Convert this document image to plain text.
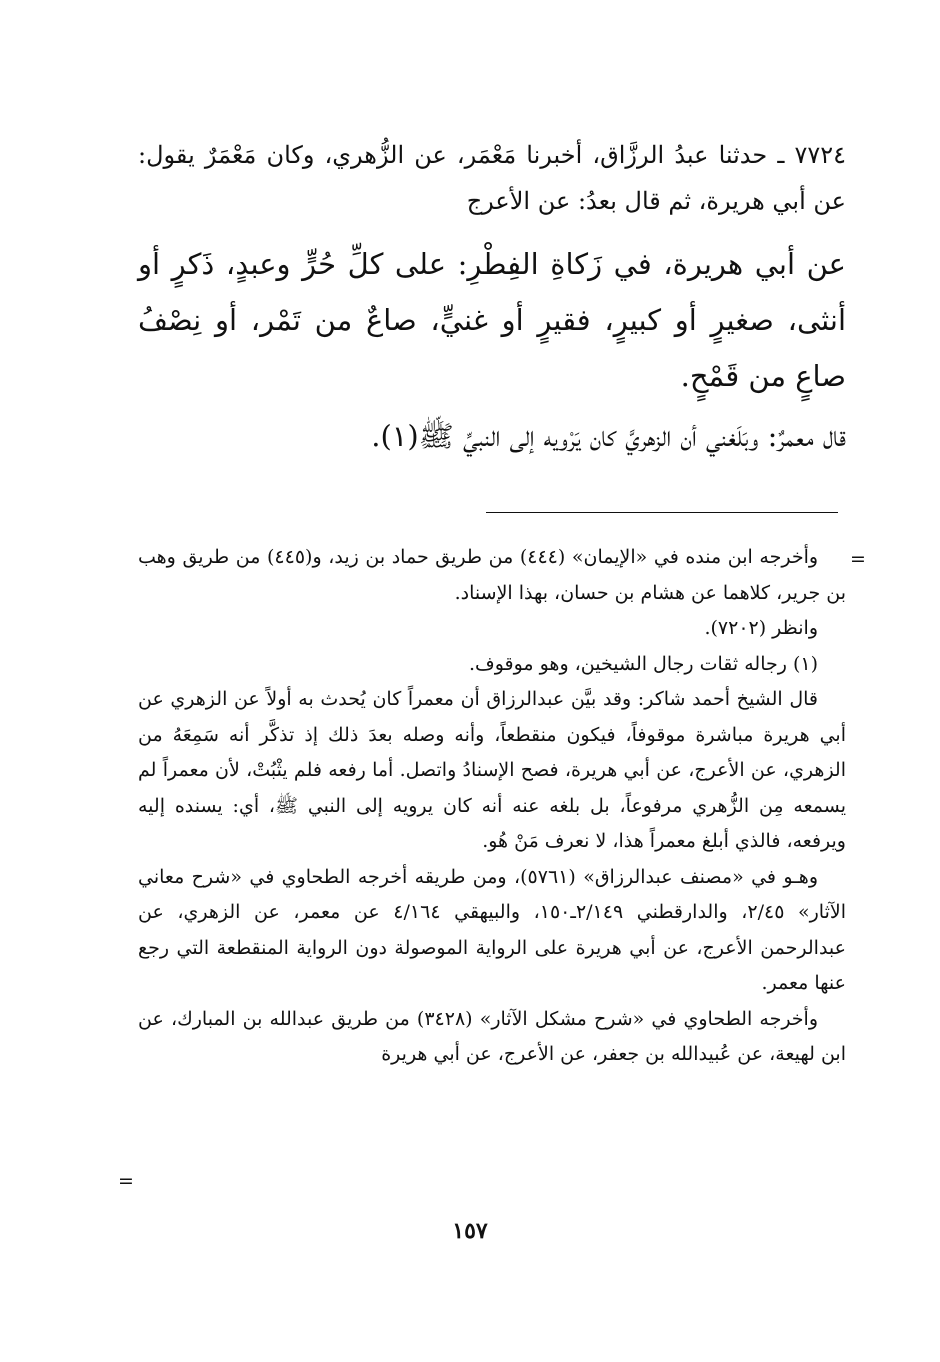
٧٧٢٤ ـ حدثنا عبدُ الرزَّاق، أخبرنا مَعْمَر، عن الزُّهري، وكان مَعْمَرٌ يقول: عن أبي هريرة، ثم قال بعدُ: عن الأعرج

عن أبي هريرة، في زَكاةِ الفِطْرِ: على كلِّ حُرٍّ وعبدٍ، ذَكرٍ أو أنثى، صغيرٍ أو كبيرٍ، فقيرٍ أو غنيٍّ، صاعٌ من تَمْر، أو نِصْفُ صاعٍ من قَمْحٍ.

قال معمرٌ: وبَلَغني أن الزهريَّ كان يَرْويه إلى النبيِّ ﷺ(١).

=

وأخرجه ابن منده في «الإيمان» (٤٤٤) من طريق حماد بن زيد، و(٤٤٥) من طريق وهب بن جرير، كلاهما عن هشام بن حسان، بهذا الإسناد.

وانظر (٧٢٠٢).

(١) رجاله ثقات رجال الشيخين، وهو موقوف.

قال الشيخ أحمد شاكر: وقد بيَّن عبدالرزاق أن معمراً كان يُحدث به أولاً عن الزهري عن أبي هريرة مباشرة موقوفاً، فيكون منقطعاً، وأنه وصله بعدَ ذلك إذ تذكَّر أنه سَمِعَهُ من الزهري، عن الأعرج، عن أبي هريرة، فصح الإسنادُ واتصل. أما رفعه فلم يثْبُتْ، لأن معمراً لم يسمعه مِن الزُّهري مرفوعاً، بل بلغه عنه أنه كان يرويه إلى النبي ﷺ، أي: يسنده إليه ويرفعه، فالذي أبلغ معمراً هذا، لا نعرف مَنْ هُو.

وهـو في «مصنف عبدالرزاق» (٥٧٦١)، ومن طريقه أخرجه الطحاوي في «شرح معاني الآثار» ٢/٤٥، والدارقطني ٢/١٤٩ـ١٥٠، والبيهقي ٤/١٦٤ عن معمر، عن الزهري، عن عبدالرحمن الأعرج، عن أبي هريرة على الرواية الموصولة دون الرواية المنقطعة التي رجع عنها معمر.

وأخرجه الطحاوي في «شرح مشكل الآثار» (٣٤٢٨) من طريق عبدالله بن المبارك، عن ابن لهيعة، عن عُبيدالله بن جعفر، عن الأعرج، عن أبي هريرة

=
١٥٧
